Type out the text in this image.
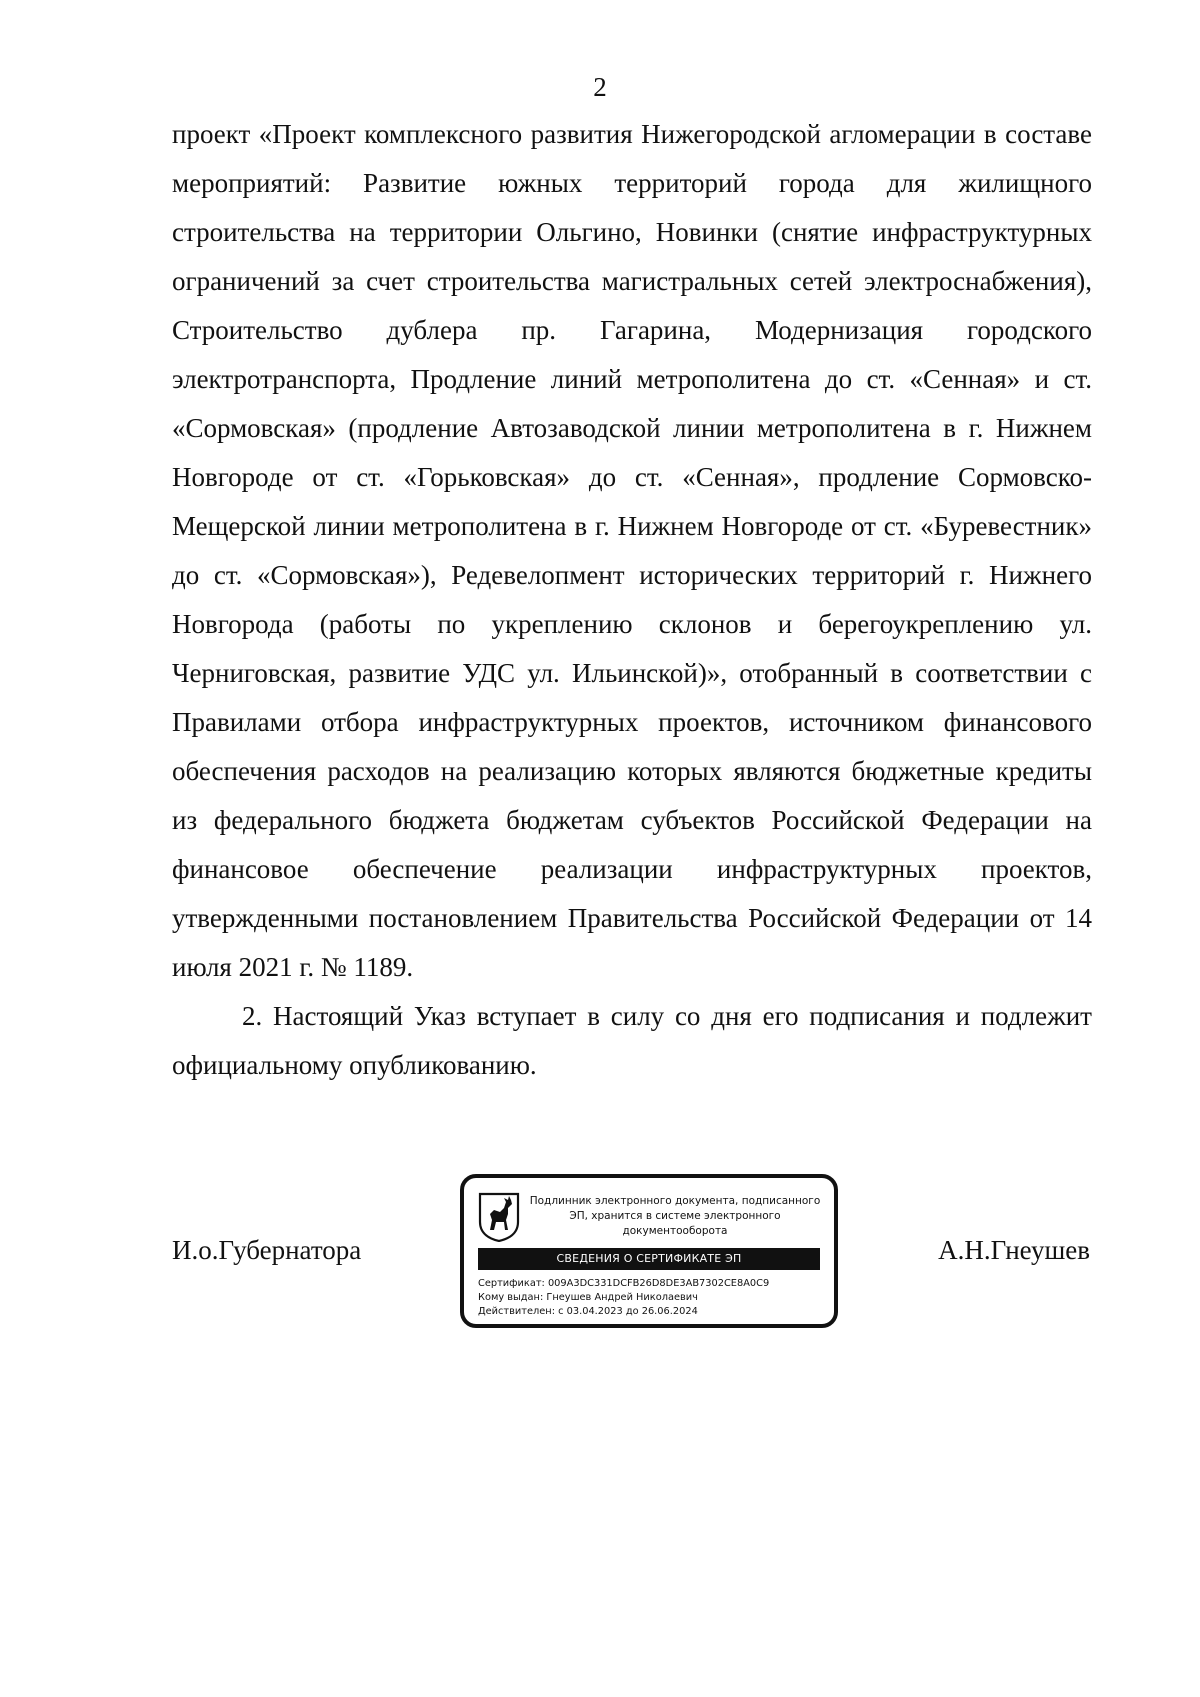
2

проект «Проект комплексного развития Нижегородской агломерации в составе мероприятий: Развитие южных территорий города для жилищного строительства на территории Ольгино, Новинки (снятие инфраструктурных ограничений за счет строительства магистральных сетей электроснабжения), Строительство дублера пр. Гагарина, Модернизация городского электротранспорта, Продление линий метрополитена до ст. «Сенная» и ст. «Сормовская» (продление Автозаводской линии метрополитена в г. Нижнем Новгороде от ст. «Горьковская» до ст. «Сенная», продление Сормовско-Мещерской линии метрополитена в г. Нижнем Новгороде от ст. «Буревестник» до ст. «Сормовская»), Редевелопмент исторических территорий г. Нижнего Новгорода (работы по укреплению склонов и берегоукреплению ул. Черниговская, развитие УДС ул. Ильинской)», отобранный в соответствии с Правилами отбора инфраструктурных проектов, источником финансового обеспечения расходов на реализацию которых являются бюджетные кредиты из федерального бюджета бюджетам субъектов Российской Федерации на финансовое обеспечение реализации инфраструктурных проектов, утвержденными постановлением Правительства Российской Федерации от 14 июля 2021 г. № 1189.

2. Настоящий Указ вступает в силу со дня его подписания и подлежит официальному опубликованию.

И.о.Губернатора
Подлинник электронного документа, подписанного ЭП, хранится в системе электронного документооборота
СВЕДЕНИЯ О СЕРТИФИКАТЕ ЭП
Сертификат: 009A3DC331DCFB26D8DE3AB7302CE8A0C9
Кому выдан: Гнеушев Андрей Николаевич
Действителен: с 03.04.2023 до 26.06.2024
А.Н.Гнеушев
